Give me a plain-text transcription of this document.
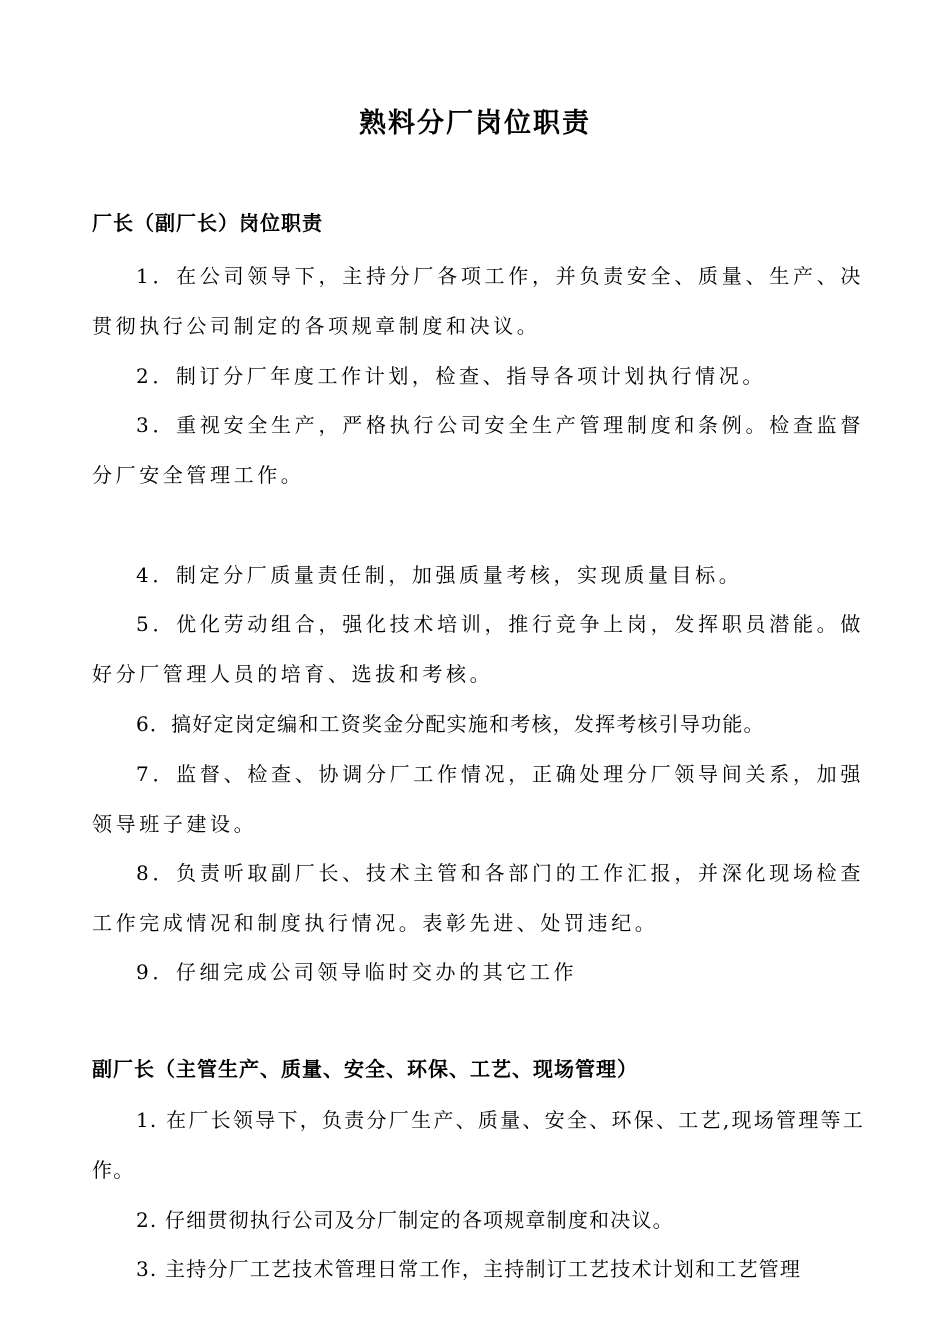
熟料分厂岗位职责
厂长（副厂长）岗位职责
1．在公司领导下，主持分厂各项工作，并负责安全、质量、生产、决贯彻执行公司制定的各项规章制度和决议。
2．制订分厂年度工作计划，检查、指导各项计划执行情况。
3．重视安全生产，严格执行公司安全生产管理制度和条例。检查监督分厂安全管理工作。
4．制定分厂质量责任制，加强质量考核，实现质量目标。
5．优化劳动组合，强化技术培训，推行竞争上岗，发挥职员潜能。做好分厂管理人员的培育、选拔和考核。
6．搞好定岗定编和工资奖金分配实施和考核，发挥考核引导功能。
7．监督、检查、协调分厂工作情况，正确处理分厂领导间关系，加强领导班子建设。
8．负责听取副厂长、技术主管和各部门的工作汇报，并深化现场检查工作完成情况和制度执行情况。表彰先进、处罚违纪。
9．仔细完成公司领导临时交办的其它工作
副厂长（主管生产、质量、安全、环保、工艺、现场管理）
1. 在厂长领导下，负责分厂生产、质量、安全、环保、工艺,现场管理等工作。
2. 仔细贯彻执行公司及分厂制定的各项规章制度和决议。
3. 主持分厂工艺技术管理日常工作，主持制订工艺技术计划和工艺管理
